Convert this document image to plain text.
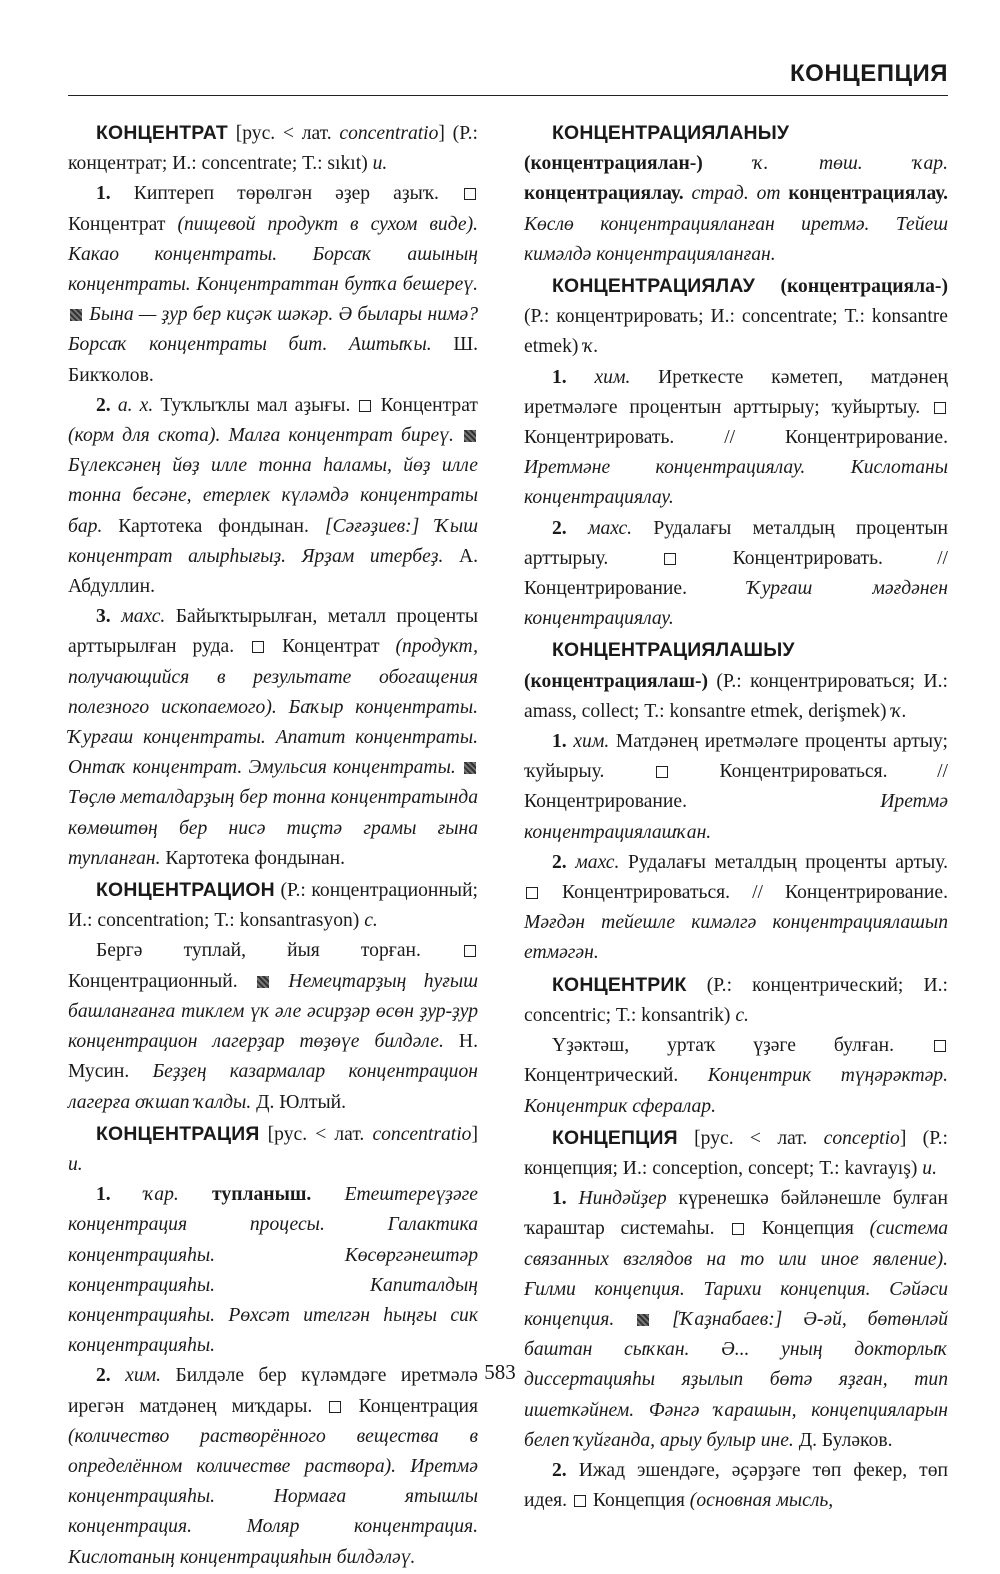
КОНЦЕПЦИЯ

КОНЦЕНТРАТ [рус. < лат. concentratio] (Р.: концентрат; И.: concentrate; Т.: sıkıt) и.

1. Киптереп төрөлгән әҙер аҙыҡ.  Концентрат (пищевой продукт в сухом виде). Какао концентраты. Борсаҡ ашының концентраты. Концентраттан бутҡа бешереү.  Бына — ҙур бер киҫәк шәкәр. Ә былары нимә? Борсаҡ концентраты бит. Аштыҡы. Ш. Бикҡолов.

2. а. х. Туҡлыҡлы мал аҙығы.  Концентрат (корм для скота). Малға концентрат биреү.  Бүлексәнең йөҙ илле тонна һаламы, йөҙ илле тонна бесәне, етерлек күләмдә концентраты бар. Картотека фондынан. [Сәғәҙиев:] Ҡыш концентрат алырһығыҙ. Ярҙам итербеҙ. А. Абдуллин.

3. махс. Байыҡтырылған, металл проценты арттырылған руда.  Концентрат (продукт, получающийся в результате обогащения полезного ископаемого). Баҡыр концентраты. Ҡурғаш концентраты. Апатит концентраты. Онтаҡ концентрат. Эмульсия концентраты.  Төҫлө металдарҙың бер тонна концентратында көмөштөң бер нисә тиҫтә грамы ғына тупланған. Картотека фондынан.

КОНЦЕНТРАЦИОН (Р.: концентрационный; И.: concentration; Т.: konsantrasyon) с.

Бергә туплай, йыя торған.  Концентрационный.  Немецтарҙың һуғыш башланғанға тиклем үк әле әсирҙәр өсөн ҙур-ҙур концентрацион лагерҙар төҙөүе билдәле. Н. Мусин. Беҙҙең казармалар концентрацион лагерға оҡшап ҡалды. Д. Юлтый.

КОНЦЕНТРАЦИЯ [рус. < лат. concentratio] и.

1. ҡар. тупланыш. Етештереүҙәге концентрация процесы. Галактика концентрацияһы. Көсөргәнештәр концентрацияһы. Капиталдың концентрацияһы. Рөхсәт ителгән һыңғы сик концентрацияһы.

2. хим. Билдәле бер күләмдәге иретмәлә ирегән матдәнең миҡдары.  Концентрация (количество растворённого вещества в определённом количестве раствора). Иретмә концентрацияһы. Нормаға ятышлы концентрация. Моляр концентрация. Кислотаның концентрацияһын билдәләү.

КОНЦЕНТРАЦИЯЛАНЫУ (концентрациялан-) ҡ. төш. ҡар. концентрациялау. страд. от концентрациялау. Көслө концентрацияланған иретмә. Тейеш кимәлдә концентрацияланған.

КОНЦЕНТРАЦИЯЛАУ (концентрациялa-) (Р.: концентрировать; И.: concentrate; Т.: konsantre etmek) ҡ.

1. хим. Иреткесте кәметеп, матдәнең иретмәләге процентын арттырыу; ҡуйыртыу.  Концентрировать. // Концентрирование. Иретмәне концентрациялау. Кислотаны концентрациялау.

2. махс. Рудалағы металдың процентын арттырыу.  Концентрировать. // Концентрирование. Ҡурғаш мәғдәнен концентрациялау.

КОНЦЕНТРАЦИЯЛАШЫУ (концентрациялаш-) (Р.: концентрироваться; И.: amass, collect; Т.: konsantre etmek, derişmek) ҡ.

1. хим. Матдәнең иретмәләге проценты артыу; ҡуйырыу.  Концентрироваться. // Концентрирование. Иретмә концентрациялашҡан.

2. махс. Рудалағы металдың проценты артыу.  Концентрироваться. // Концентрирование. Мәғдән тейешле кимәлгә концентрациялашып етмәгән.

КОНЦЕНТРИК (Р.: концентрический; И.: concentric; Т.: konsantrik) с.

Үҙәктәш, уртаҡ үҙәге булған.  Концентрический. Концентрик түңәрәктәр. Концентрик сфералар.

КОНЦЕПЦИЯ [рус. < лат. conceptio] (Р.: концепция; И.: conception, concept; Т.: kavrayış) и.

1. Ниндәйҙер күренешкә бәйләнешле булған ҡараштар системаһы.  Концепция (система связанных взглядов на то или иное явление). Ғилми концепция. Тарихи концепция. Сәйәси концепция.  [Ҡаҙнабаев:] Ә-әй, бөтөнләй баштан сыҡкан. Ә... уның докторлыҡ диссертацияһы яҙылып бөтә яҙған, тип ишеткәйнем. Фәнгә ҡарашын, концепцияларын белеп ҡуйғанда, арыу булыр ине. Д. Буләков.

2. Ижад эшендәге, әҫәрҙәге төп фекер, төп идея.  Концепция (основная мысль,

583
